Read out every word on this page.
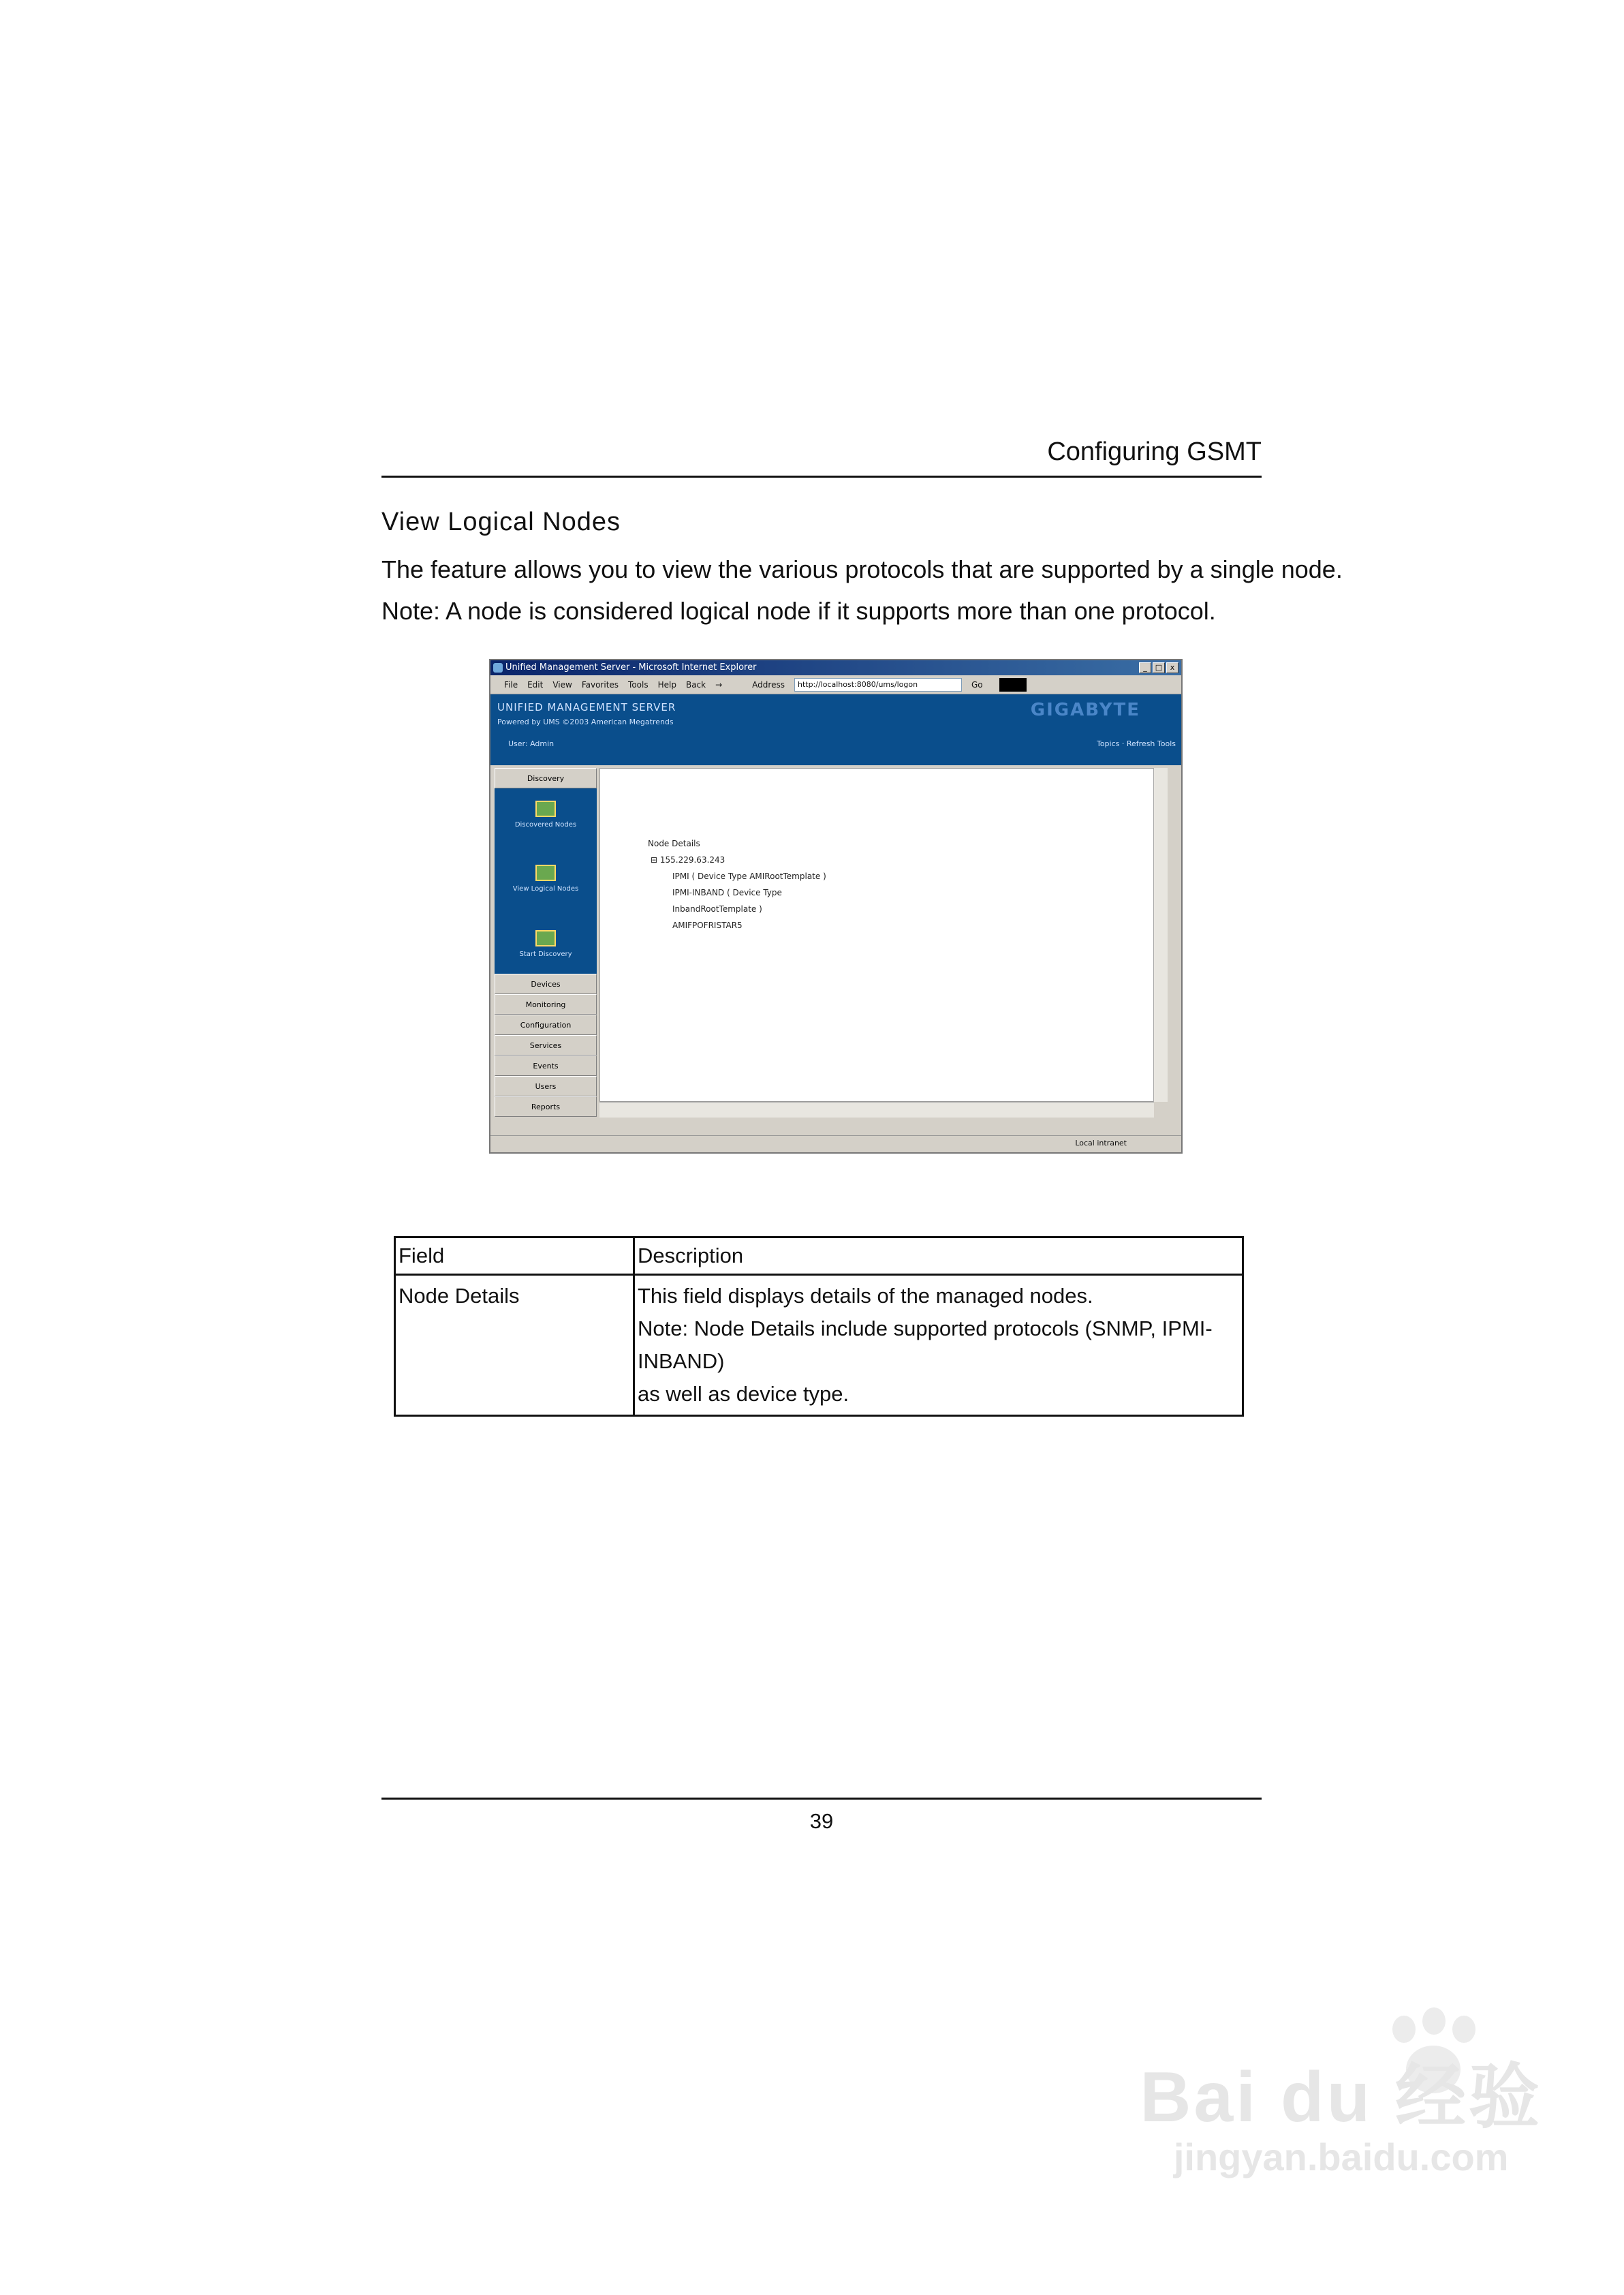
Configuring GSMT
View Logical Nodes
The feature allows you to view the various protocols that are supported by a single node.
Note: A node is considered logical node if it supports more than one protocol.
Unified Management Server - Microsoft Internet Explorer	_	□	x
File Edit View Favorites Tools Help Back →	Address	http://localhost:8080/ums/logon	Go
UNIFIED MANAGEMENT SERVER
Powered by UMS ©2003 American Megatrends
User: Admin
GIGABYTE
Topics · Refresh Tools
Discovery
Discovered Nodes
View Logical Nodes
Start Discovery
Devices
Monitoring
Configuration
Services
Events
Users
Reports
Node Details
⊟ 155.229.63.243
IPMI ( Device Type AMIRootTemplate )
IPMI-INBAND ( Device Type
InbandRootTemplate )
AMIFPOFRISTAR5
Local intranet
Field	Description

Node Details	This field displays details of the managed nodes.
Note: Node Details include supported protocols (SNMP, IPMI-INBAND)
as well as device type.
39
Bai du 经验
jingyan.baidu.com
